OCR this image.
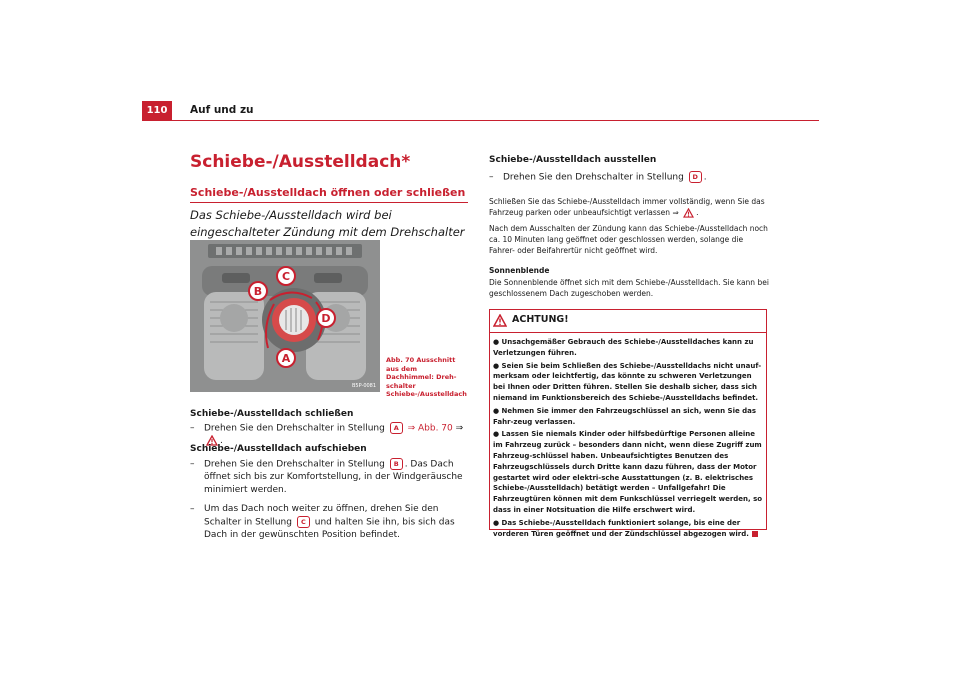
110	Auf und zu
Schiebe-/Ausstelldach*
Schiebe-/Ausstelldach öffnen oder schließen
Das Schiebe-/Ausstelldach wird bei eingeschalteter Zündung mit dem Drehschalter
B
C
D
A
B5P-0081
Abb. 70 Ausschnitt aus dem Dachhimmel: Dreh-schalter Schiebe-/Ausstelldach
Schiebe-/Ausstelldach schließen
–	Drehen Sie den Drehschalter in Stellung A ⇒ Abb. 70 ⇒ .
Schiebe-/Ausstelldach aufschieben
–	Drehen Sie den Drehschalter in Stellung B . Das Dach öffnet sich bis zur Komfortstellung, in der Windgeräusche minimiert werden.
–	Um das Dach noch weiter zu öffnen, drehen Sie den Schalter in Stellung C und halten Sie ihn, bis sich das Dach in der gewünschten Position befindet.
Schiebe-/Ausstelldach ausstellen
–	Drehen Sie den Drehschalter in Stellung D .
Schließen Sie das Schiebe-/Ausstelldach immer vollständig, wenn Sie das Fahrzeug parken oder unbeaufsichtigt verlassen ⇒ .
Nach dem Ausschalten der Zündung kann das Schiebe-/Ausstelldach noch ca. 10 Minuten lang geöffnet oder geschlossen werden, solange die Fahrer- oder Beifahrertür nicht geöffnet wird.
Sonnenblende
Die Sonnenblende öffnet sich mit dem Schiebe-/Ausstelldach. Sie kann bei geschlossenem Dach zugeschoben werden.
ACHTUNG!

● Unsachgemäßer Gebrauch des Schiebe-/Ausstelldaches kann zu Verletzungen führen.

● Seien Sie beim Schließen des Schiebe-/Ausstelldachs nicht unauf-merksam oder leichtfertig, das könnte zu schweren Verletzungen bei Ihnen oder Dritten führen. Stellen Sie deshalb sicher, dass sich niemand im Funktionsbereich des Schiebe-/Ausstelldachs befindet.

● Nehmen Sie immer den Fahrzeugschlüssel an sich, wenn Sie das Fahr-zeug verlassen.

● Lassen Sie niemals Kinder oder hilfsbedürftige Personen alleine im Fahrzeug zurück – besonders dann nicht, wenn diese Zugriff zum Fahrzeug-schlüssel haben. Unbeaufsichtigtes Benutzen des Fahrzeugschlüssels durch Dritte kann dazu führen, dass der Motor gestartet wird oder elektri-sche Ausstattungen (z. B. elektrisches Schiebe-/Ausstelldach) betätigt werden – Unfallgefahr! Die Fahrzeugtüren können mit dem Funkschlüssel verriegelt werden, so dass in einer Notsituation die Hilfe erschwert wird.

● Das Schiebe-/Ausstelldach funktioniert solange, bis eine der vorderen Türen geöffnet und der Zündschlüssel abgezogen wird.
